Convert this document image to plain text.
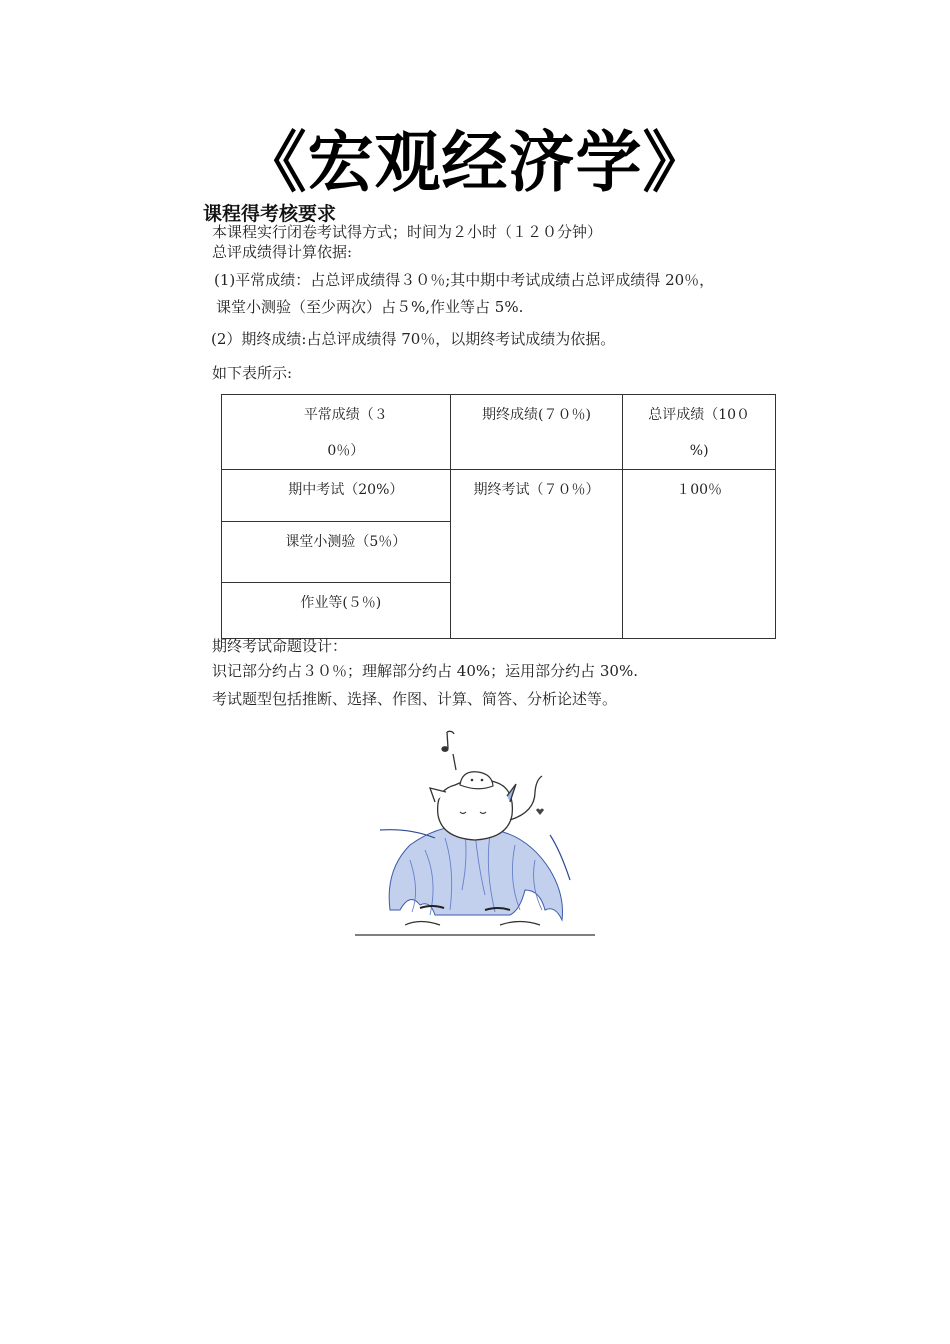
《宏观经济学》
课程得考核要求
本课程实行闭卷考试得方式；时间为２小时（１２０分钟）
总评成绩得计算依据:
(1)平常成绩：占总评成绩得３０％;其中期中考试成绩占总评成绩得 20％，
课堂小测验（至少两次）占５%,作业等占 5%.
(2）期终成绩:占总评成绩得 70％，以期终考试成绩为依据。
如下表所示:
平常成绩（３
0％）	期终成绩(７０％)	总评成绩（10０
%)

期中考试（20%）	期终考试（７０％）	１00％

课堂小测验（5％）		

作业等(５％)		
期终考试命题设计：
识记部分约占３０％；理解部分约占 40%；运用部分约占 30%.
考试题型包括推断、选择、作图、计算、简答、分析论述等。
